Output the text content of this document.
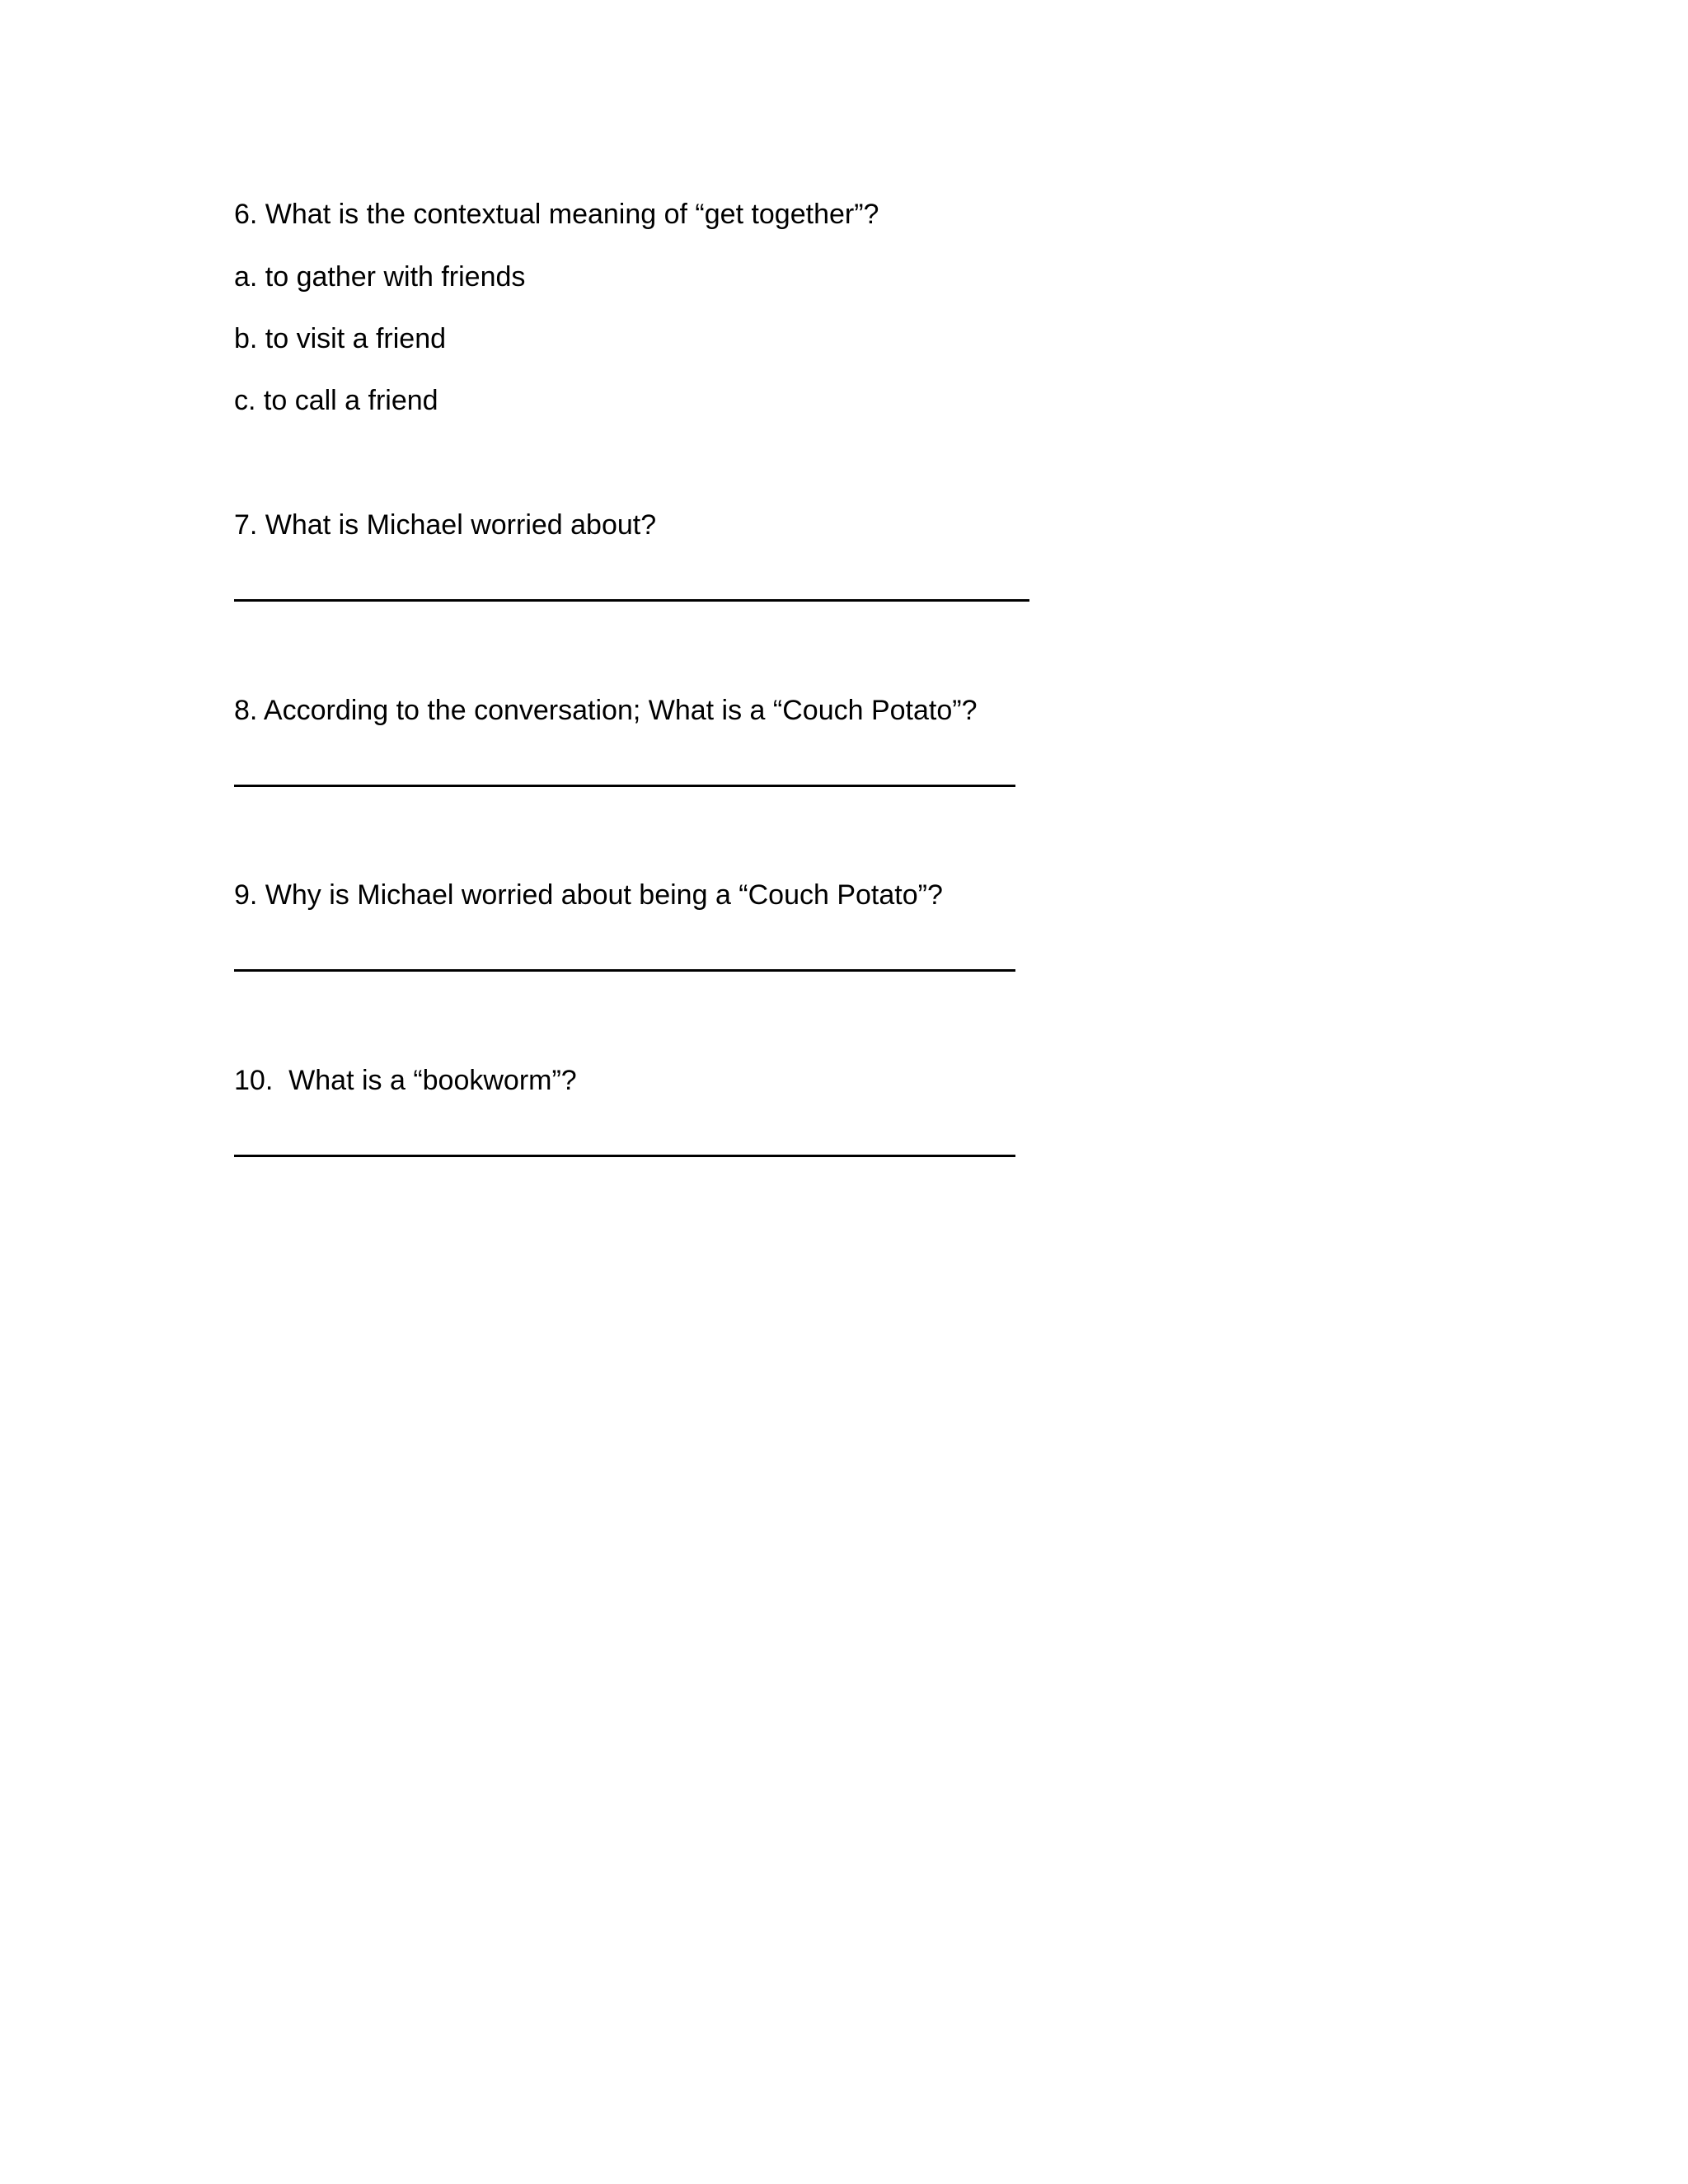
6. What is the contextual meaning of “get together”?
a. to gather with friends
b. to visit a friend
c. to call a friend
7. What is Michael worried about?
8. According to the conversation; What is a “Couch Potato”?
9. Why is Michael worried about being a “Couch Potato”?
10.  What is a “bookworm”?
